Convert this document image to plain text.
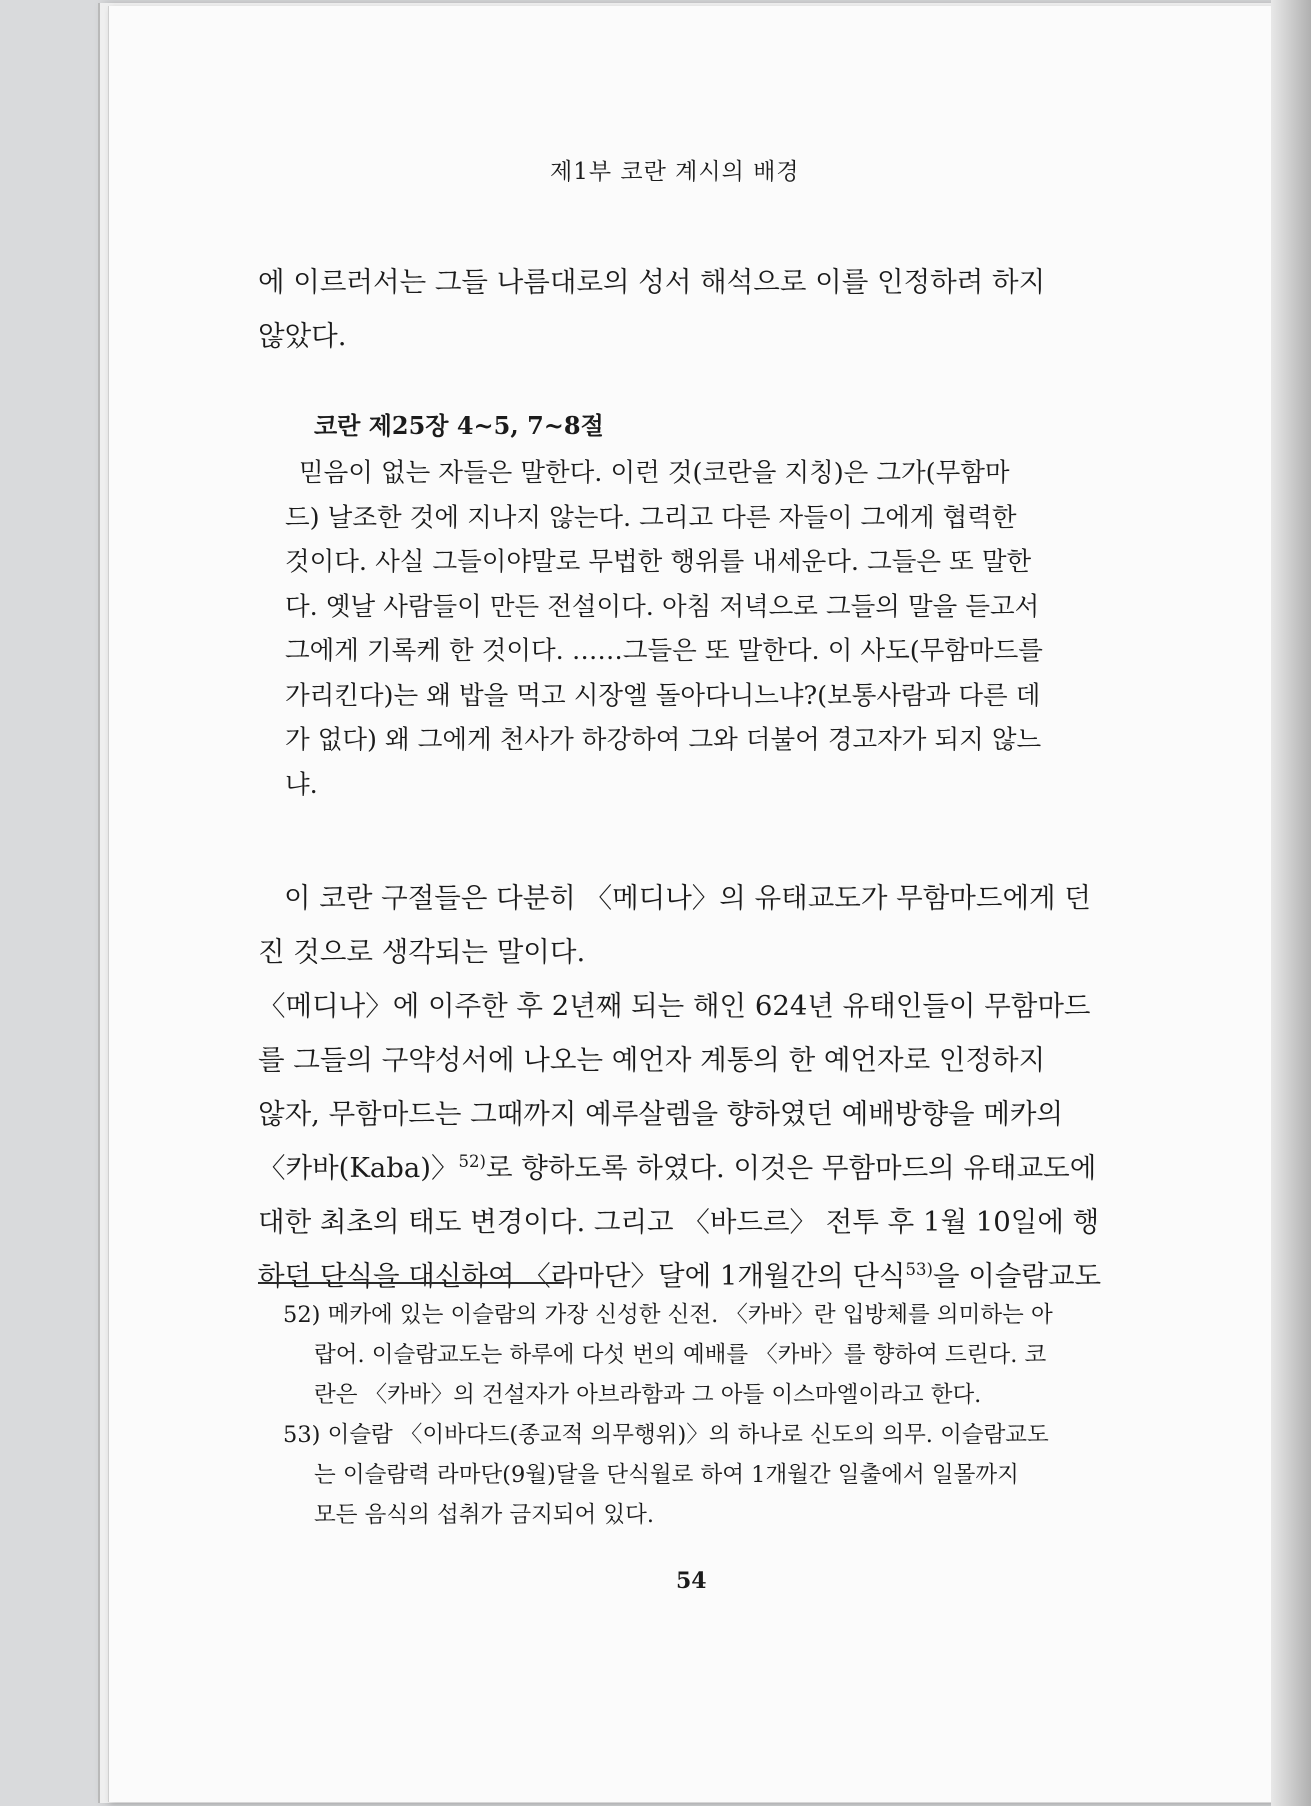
제1부 코란 계시의 배경
에 이르러서는 그들 나름대로의 성서 해석으로 이를 인정하려 하지
않았다.
코란 제25장 4~5, 7~8절
믿음이 없는 자들은 말한다. 이런 것(코란을 지칭)은 그가(무함마
드) 날조한 것에 지나지 않는다. 그리고 다른 자들이 그에게 협력한
것이다. 사실 그들이야말로 무법한 행위를 내세운다. 그들은 또 말한
다. 옛날 사람들이 만든 전설이다. 아침 저녁으로 그들의 말을 듣고서
그에게 기록케 한 것이다. ……그들은 또 말한다. 이 사도(무함마드를
가리킨다)는 왜 밥을 먹고 시장엘 돌아다니느냐?(보통사람과 다른 데
가 없다) 왜 그에게 천사가 하강하여 그와 더불어 경고자가 되지 않느
냐.
이 코란 구절들은 다분히 〈메디나〉의 유태교도가 무함마드에게 던
진 것으로 생각되는 말이다.
〈메디나〉에 이주한 후 2년째 되는 해인 624년 유태인들이 무함마드
를 그들의 구약성서에 나오는 예언자 계통의 한 예언자로 인정하지
않자, 무함마드는 그때까지 예루살렘을 향하였던 예배방향을 메카의
〈카바(Kaba)〉$^{52)}$로 향하도록 하였다. 이것은 무함마드의 유태교도에
대한 최초의 태도 변경이다. 그리고 〈바드르〉 전투 후 1월 10일에 행
하던 단식을 대신하여 〈라마단〉달에 1개월간의 단식$^{53)}$을 이슬람교도
52) 메카에 있는 이슬람의 가장 신성한 신전. 〈카바〉란 입방체를 의미하는 아
랍어. 이슬람교도는 하루에 다섯 번의 예배를 〈카바〉를 향하여 드린다. 코
란은 〈카바〉의 건설자가 아브라함과 그 아들 이스마엘이라고 한다.
53) 이슬람 〈이바다드(종교적 의무행위)〉의 하나로 신도의 의무. 이슬람교도
는 이슬람력 라마단(9월)달을 단식월로 하여 1개월간 일출에서 일몰까지
모든 음식의 섭취가 금지되어 있다.
54
